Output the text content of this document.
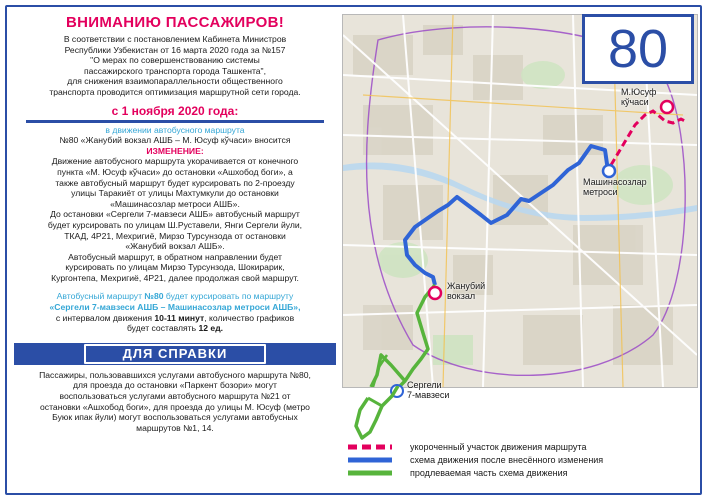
ВНИМАНИЮ ПАССАЖИРОВ!

В соответствии с постановлением Кабинета Министров

Республики Узбекистан от 16 марта 2020 года за №157

"О мерах по совершенствованию системы

пассажирского транспорта города Ташкента",

для снижения взаимопараллельности общественного

транспорта проводится оптимизация маршрутной сети города.

с 1 ноября 2020 года:

в движении автобусного маршрута

№80 «Жанубий вокзал АШБ – М. Юсуф кўчаси» вносится

ИЗМЕНЕНИЕ:

Движение автобусного маршрута укорачивается от конечного

пункта «М. Юсуф кўчаси» до остановки «Ашхобод боги», а

также автобусный маршрут будет курсировать по 2-проезду

улицы Таракиёт от улицы Махтумкули до остановки

«Машинасозлар метроси АШБ».

До остановки «Сергели 7-мавзеси АШБ» автобусный маршрут

будет курсировать по улицам Ш.Руставели, Янги Сергели йули,

ТКАД, 4Р21, Мехригиё, Мирзо Турсунзода от остановки

«Жанубий вокзал АШБ».

Автобусный маршрут, в обратном направлении будет

курсировать по улицам Мирзо Турсунзода, Шокирарик,

Кургонтепа, Мехригиё, 4Р21, далее продолжая свой маршрут.

Автобусный маршрут №80 будет курсировать по маршруту

«Сергели 7-мавзеси АШБ – Машинасозлар метроси АШБ»,

с интервалом движения 10-11 минут, количество графиков

будет составлять 12 ед.

ДЛЯ СПРАВКИ

Пассажиры, пользовавшихся услугами автобусного маршрута №80,

для проезда до остановки «Паркент бозори» могут

воспользоваться услугами автобусного маршрута №21 от

остановки «Ашхобод боги», для проезда до улицы М. Юсуф (метро

Буюк ипак йули) могут воспользоваться услугами автобусных

маршрутов №1, 14.

М.Юсуф
кўчаси
Машинасозлар
метроси
Жанубий
вокзал
Сергели
7-мавзеси
80
укороченный участок движения маршрута
схема движения после внесённого изменения
продлеваемая часть схема движения
